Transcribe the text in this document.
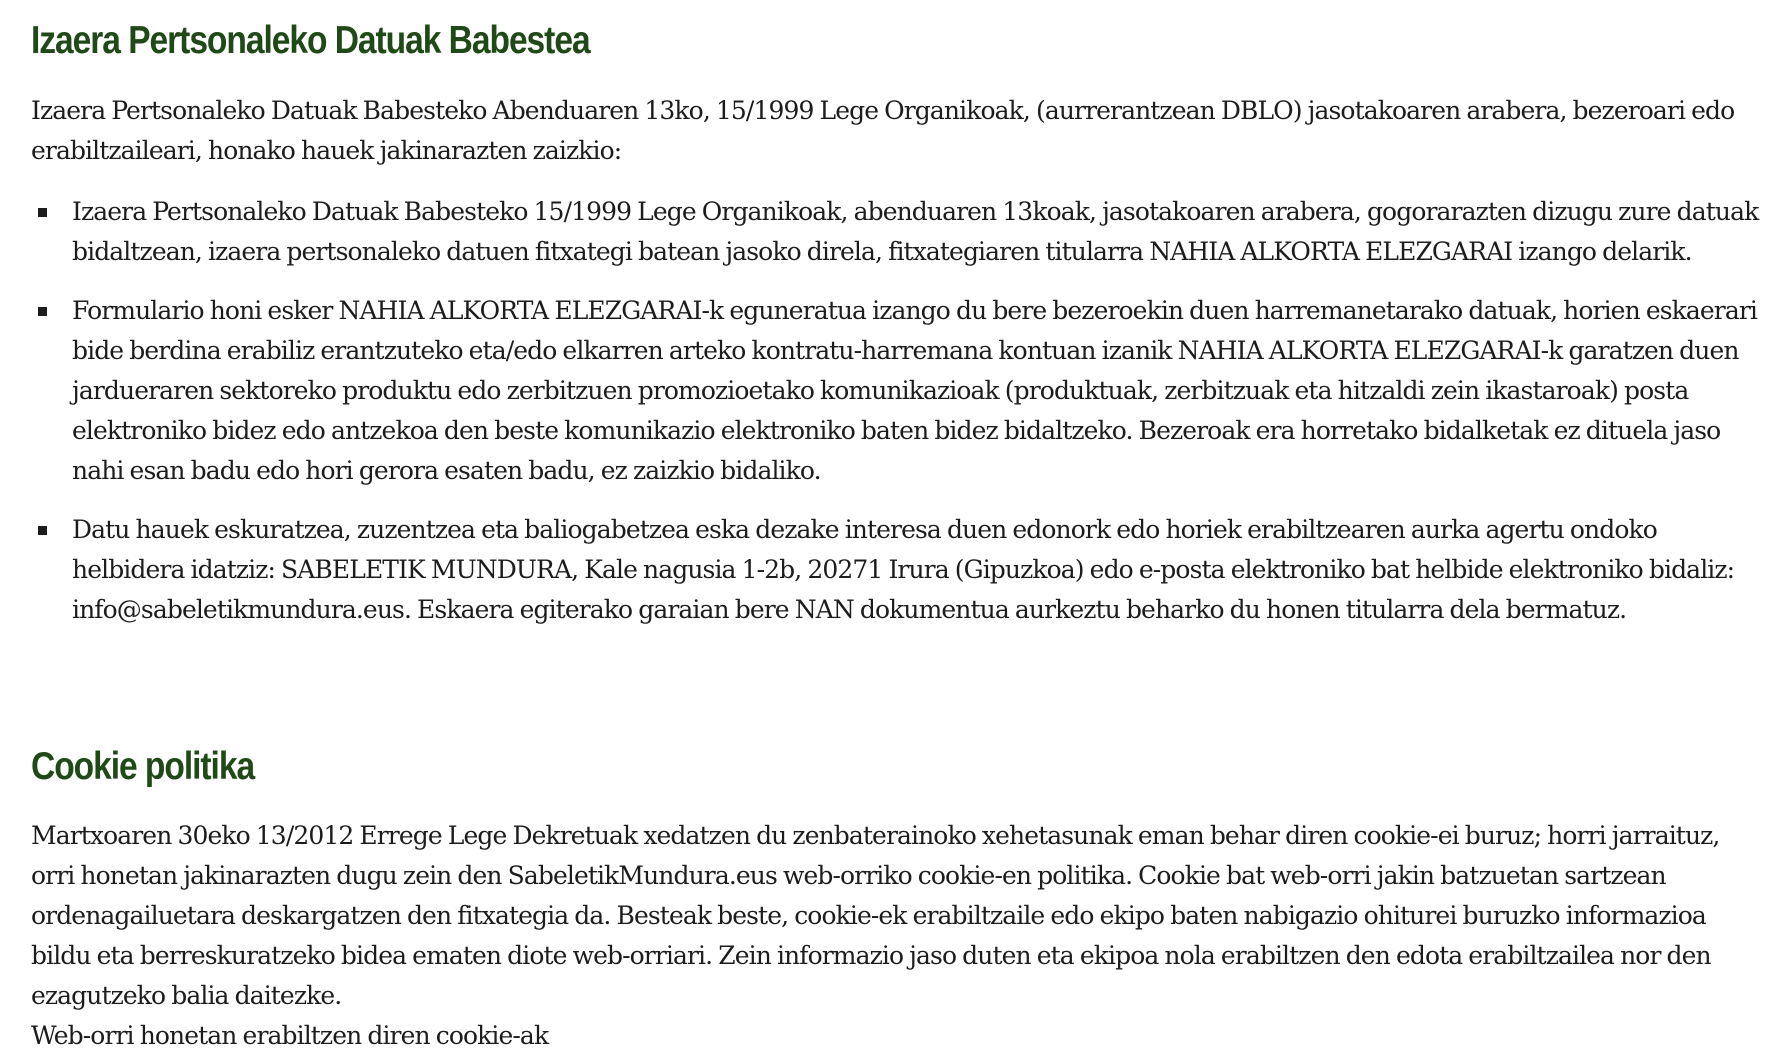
Izaera Pertsonaleko Datuak Babestea

Izaera Pertsonaleko Datuak Babesteko Abenduaren 13ko, 15/1999 Lege Organikoak, (aurrerantzean DBLO) jasotakoaren arabera, bezeroari edo erabiltzaileari, honako hauek jakinarazten zaizkio:

Izaera Pertsonaleko Datuak Babesteko 15/1999 Lege Organikoak, abenduaren 13koak, jasotakoaren arabera, gogorarazten dizugu zure datuak bidaltzean, izaera pertsonaleko datuen fitxategi batean jasoko direla, fitxategiaren titularra NAHIA ALKORTA ELEZGARAI izango delarik.
Formulario honi esker NAHIA ALKORTA ELEZGARAI-k eguneratua izango du bere bezeroekin duen harremanetarako datuak, horien eskaerari bide berdina erabiliz erantzuteko eta/edo elkarren arteko kontratu-harremana kontuan izanik NAHIA ALKORTA ELEZGARAI-k garatzen duen jardueraren sektoreko produktu edo zerbitzuen promozioetako komunikazioak (produktuak, zerbitzuak eta hitzaldi zein ikastaroak) posta elektroniko bidez edo antzekoa den beste komunikazio elektroniko baten bidez bidaltzeko. Bezeroak era horretako bidalketak ez dituela jaso nahi esan badu edo hori gerora esaten badu, ez zaizkio bidaliko.
Datu hauek eskuratzea, zuzentzea eta baliogabetzea eska dezake interesa duen edonork edo horiek erabiltzearen aurka agertu ondoko helbidera idatziz: SABELETIK MUNDURA, Kale nagusia 1-2b, 20271 Irura (Gipuzkoa) edo e-posta elektroniko bat helbide elektroniko bidaliz: info@sabeletikmundura.eus. Eskaera egiterako garaian bere NAN dokumentua aurkeztu beharko du honen titularra dela bermatuz.
Cookie politika

Martxoaren 30eko 13/2012 Errege Lege Dekretuak xedatzen du zenbaterainoko xehetasunak eman behar diren cookie-ei buruz; horri jarraituz, orri honetan jakinarazten dugu zein den SabeletikMundura.eus web-orriko cookie-en politika. Cookie bat web-orri jakin batzuetan sartzean ordenagailuetara deskargatzen den fitxategia da. Besteak beste, cookie-ek erabiltzaile edo ekipo baten nabigazio ohiturei buruzko informazioa bildu eta berreskuratzeko bidea ematen diote web-orriari. Zein informazio jaso duten eta ekipoa nola erabiltzen den edota erabiltzailea nor den ezagutzeko balia daitezke.

Web-orri honetan erabiltzen diren cookie-ak
